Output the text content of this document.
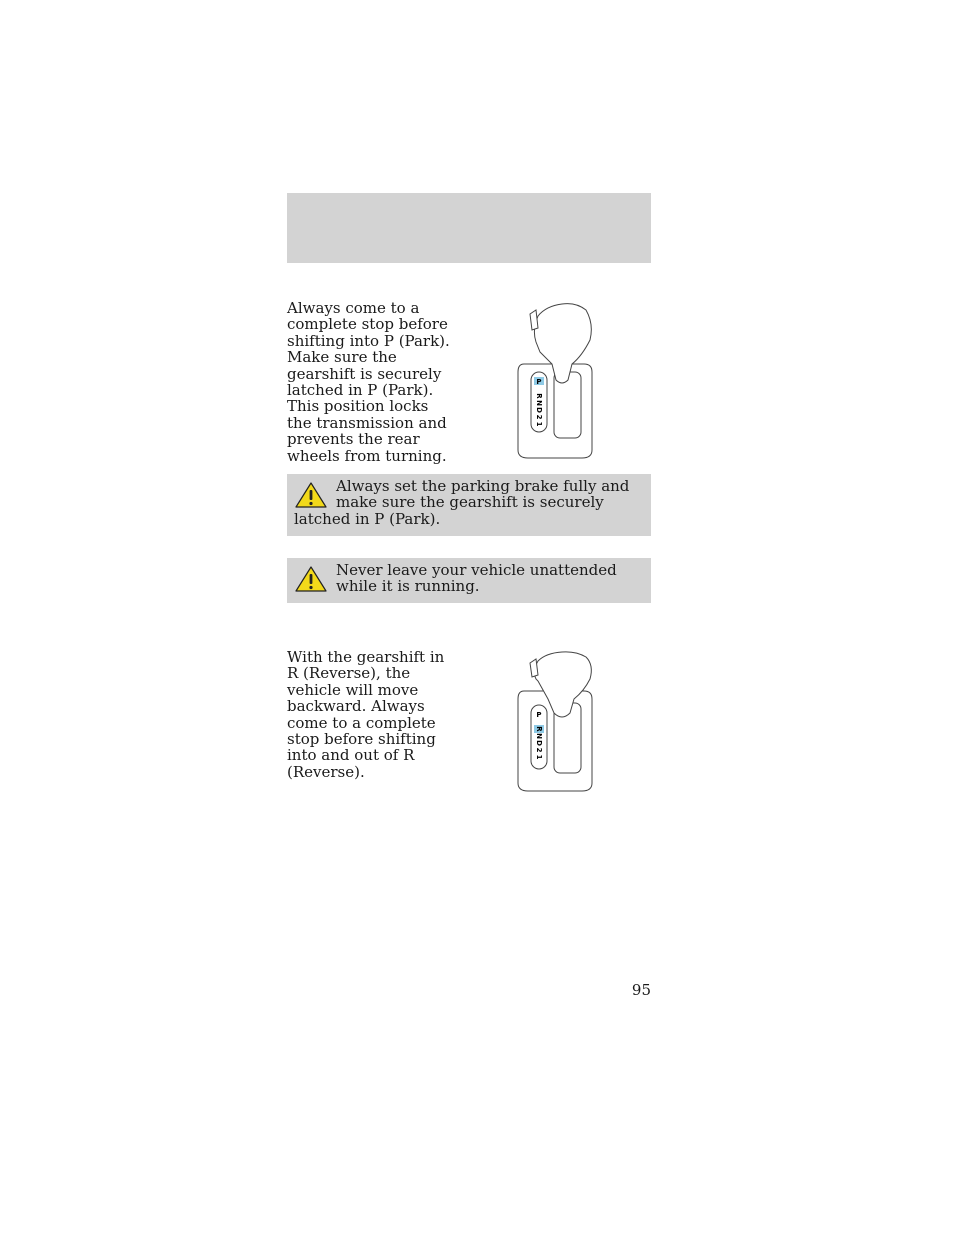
Always come to a complete stop before shifting into P (Park). Make sure the gearshift is securely latched in P (Park). This position locks the transmission and prevents the rear wheels from turning.

P
R
N
D
2
1
Always set the parking brake fully and make sure the gearshift is securely latched in P (Park).
Never leave your vehicle unattended while it is running.

With the gearshift in R (Reverse), the vehicle will move backward. Always come to a complete stop before shifting into and out of R (Reverse).

P
R
N
D
2
1
95
